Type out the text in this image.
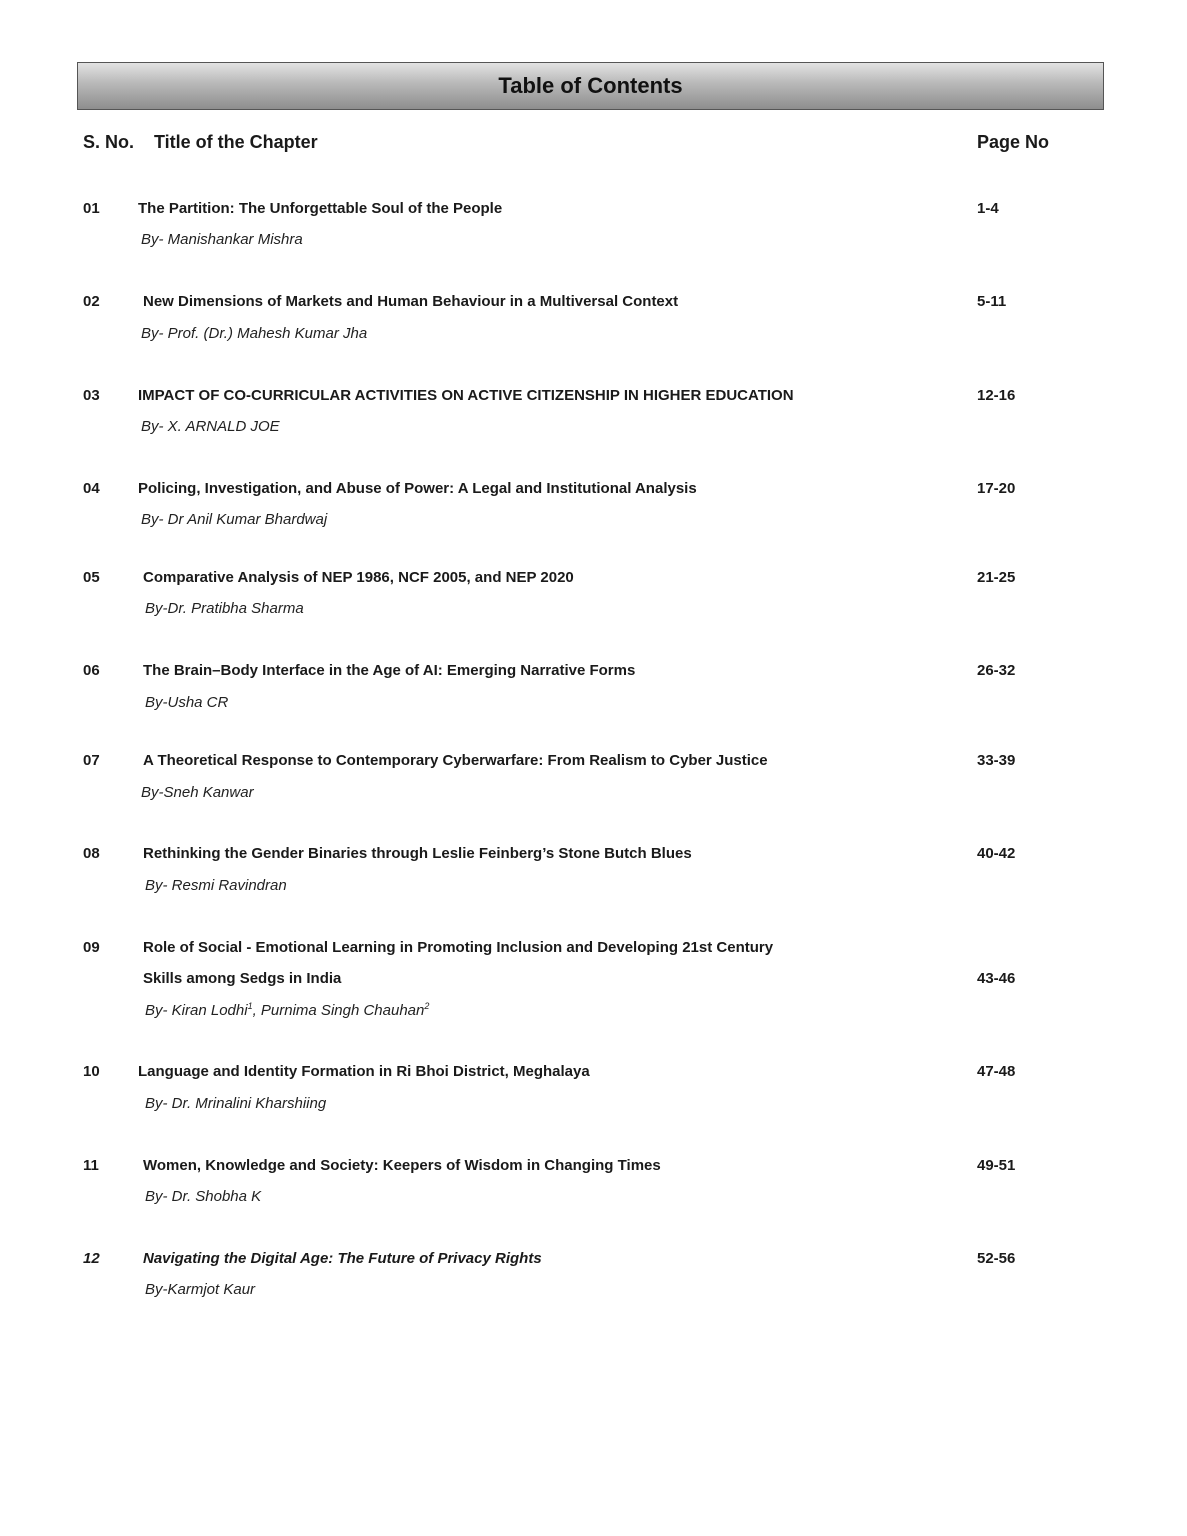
Table of Contents
S. No. Title of the Chapter	Page No
01	The Partition: The Unforgettable Soul of the People	1-4
By- Manishankar Mishra
02	New Dimensions of Markets and Human Behaviour in a Multiversal Context	5-11
By- Prof. (Dr.) Mahesh Kumar Jha
03	IMPACT OF CO-CURRICULAR ACTIVITIES ON ACTIVE CITIZENSHIP IN HIGHER EDUCATION	12-16
By- X. ARNALD JOE
04	Policing, Investigation, and Abuse of Power: A Legal and Institutional Analysis	17-20
By- Dr Anil Kumar Bhardwaj
05	Comparative Analysis of NEP 1986, NCF 2005, and NEP 2020	21-25
By-Dr. Pratibha Sharma
06	The Brain–Body Interface in the Age of AI: Emerging Narrative Forms	26-32
By-Usha CR
07	A Theoretical Response to Contemporary Cyberwarfare: From Realism to Cyber Justice	33-39
By-Sneh Kanwar
08	Rethinking the Gender Binaries through Leslie Feinberg’s Stone Butch Blues	40-42
By- Resmi Ravindran
09	Role of Social - Emotional Learning in Promoting Inclusion and Developing 21st Century
Skills among Sedgs in India	43-46
By- Kiran Lodhi$^1$, Purnima Singh Chauhan$^2$
10	Language and Identity Formation in Ri Bhoi District, Meghalaya	47-48
By- Dr. Mrinalini Kharshiing
11	Women, Knowledge and Society: Keepers of Wisdom in Changing Times	49-51
By- Dr. Shobha K
12	Navigating the Digital Age: The Future of Privacy Rights	52-56
By-Karmjot Kaur
